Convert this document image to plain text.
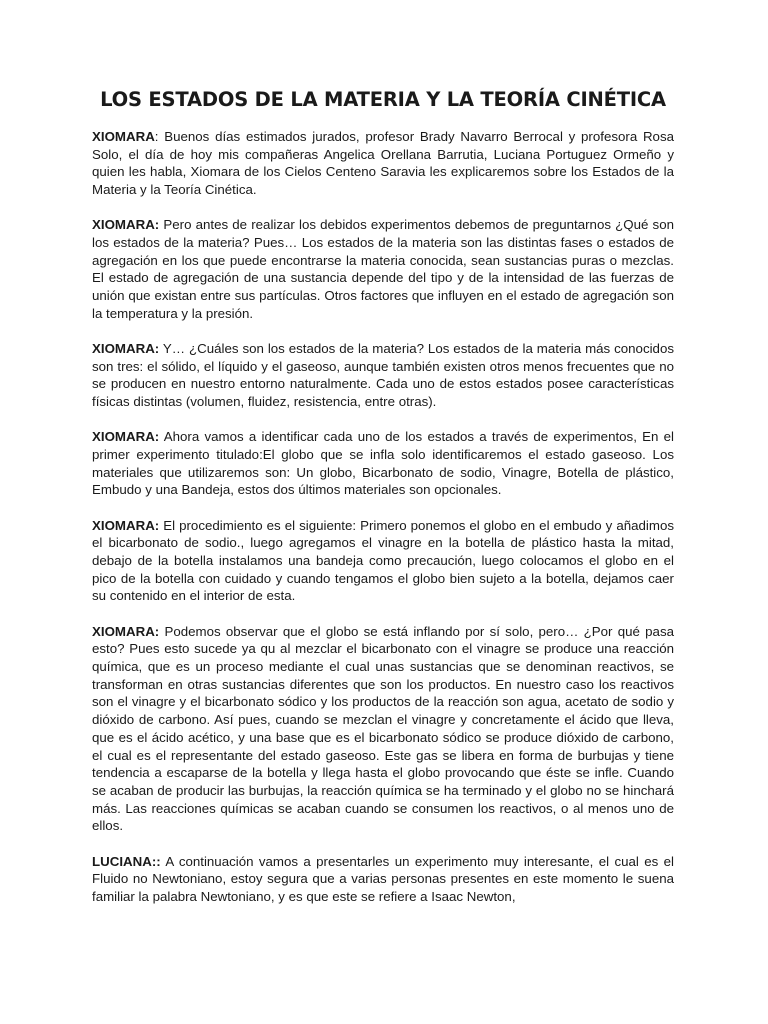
LOS ESTADOS DE LA MATERIA Y LA TEORÍA CINÉTICA

XIOMARA: Buenos días estimados jurados, profesor Brady Navarro Berrocal y profesora Rosa Solo, el día de hoy mis compañeras Angelica Orellana Barrutia, Luciana Portuguez Ormeño y quien les habla, Xiomara de los Cielos Centeno Saravia les explicaremos sobre los Estados de la Materia y la Teoría Cinética.

XIOMARA: Pero antes de realizar los debidos experimentos debemos de preguntarnos ¿Qué son los estados de la materia? Pues… Los estados de la materia son las distintas fases o estados de agregación en los que puede encontrarse la materia conocida, sean sustancias puras o mezclas. El estado de agregación de una sustancia depende del tipo y de la intensidad de las fuerzas de unión que existan entre sus partículas. Otros factores que influyen en el estado de agregación son la temperatura y la presión.

XIOMARA: Y… ¿Cuáles son los estados de la materia? Los estados de la materia más conocidos son tres: el sólido, el líquido y el gaseoso, aunque también existen otros menos frecuentes que no se producen en nuestro entorno naturalmente. Cada uno de estos estados posee características físicas distintas (volumen, fluidez, resistencia, entre otras).

XIOMARA: Ahora vamos a identificar cada uno de los estados a través de experimentos, En el primer experimento titulado:El globo que se infla solo identificaremos el estado gaseoso. Los materiales que utilizaremos son: Un globo, Bicarbonato de sodio, Vinagre, Botella de plástico, Embudo y una Bandeja, estos dos últimos materiales son opcionales.

XIOMARA: El procedimiento es el siguiente: Primero ponemos el globo en el embudo y añadimos el bicarbonato de sodio., luego agregamos el vinagre en la botella de plástico hasta la mitad, debajo de la botella instalamos una bandeja como precaución, luego colocamos el globo en el pico de la botella con cuidado y cuando tengamos el globo bien sujeto a la botella, dejamos caer su contenido en el interior de esta.

XIOMARA: Podemos observar que el globo se está inflando por sí solo, pero… ¿Por qué pasa esto? Pues esto sucede ya qu al mezclar el bicarbonato con el vinagre se produce una reacción química, que es un proceso mediante el cual unas sustancias que se denominan reactivos, se transforman en otras sustancias diferentes que son los productos. En nuestro caso los reactivos son el vinagre y el bicarbonato sódico y los productos de la reacción son agua, acetato de sodio y dióxido de carbono. Así pues, cuando se mezclan el vinagre y concretamente el ácido que lleva, que es el ácido acético, y una base que es el bicarbonato sódico se produce dióxido de carbono, el cual es el representante del estado gaseoso. Este gas se libera en forma de burbujas y tiene tendencia a escaparse de la botella y llega hasta el globo provocando que éste se infle. Cuando se acaban de producir las burbujas, la reacción química se ha terminado y el globo no se hinchará más. Las reacciones químicas se acaban cuando se consumen los reactivos, o al menos uno de ellos.

LUCIANA:: A continuación vamos a presentarles un experimento muy interesante, el cual es el Fluido no Newtoniano, estoy segura que a varias personas presentes en este momento le suena familiar la palabra Newtoniano, y es que este se refiere a Isaac Newton,
